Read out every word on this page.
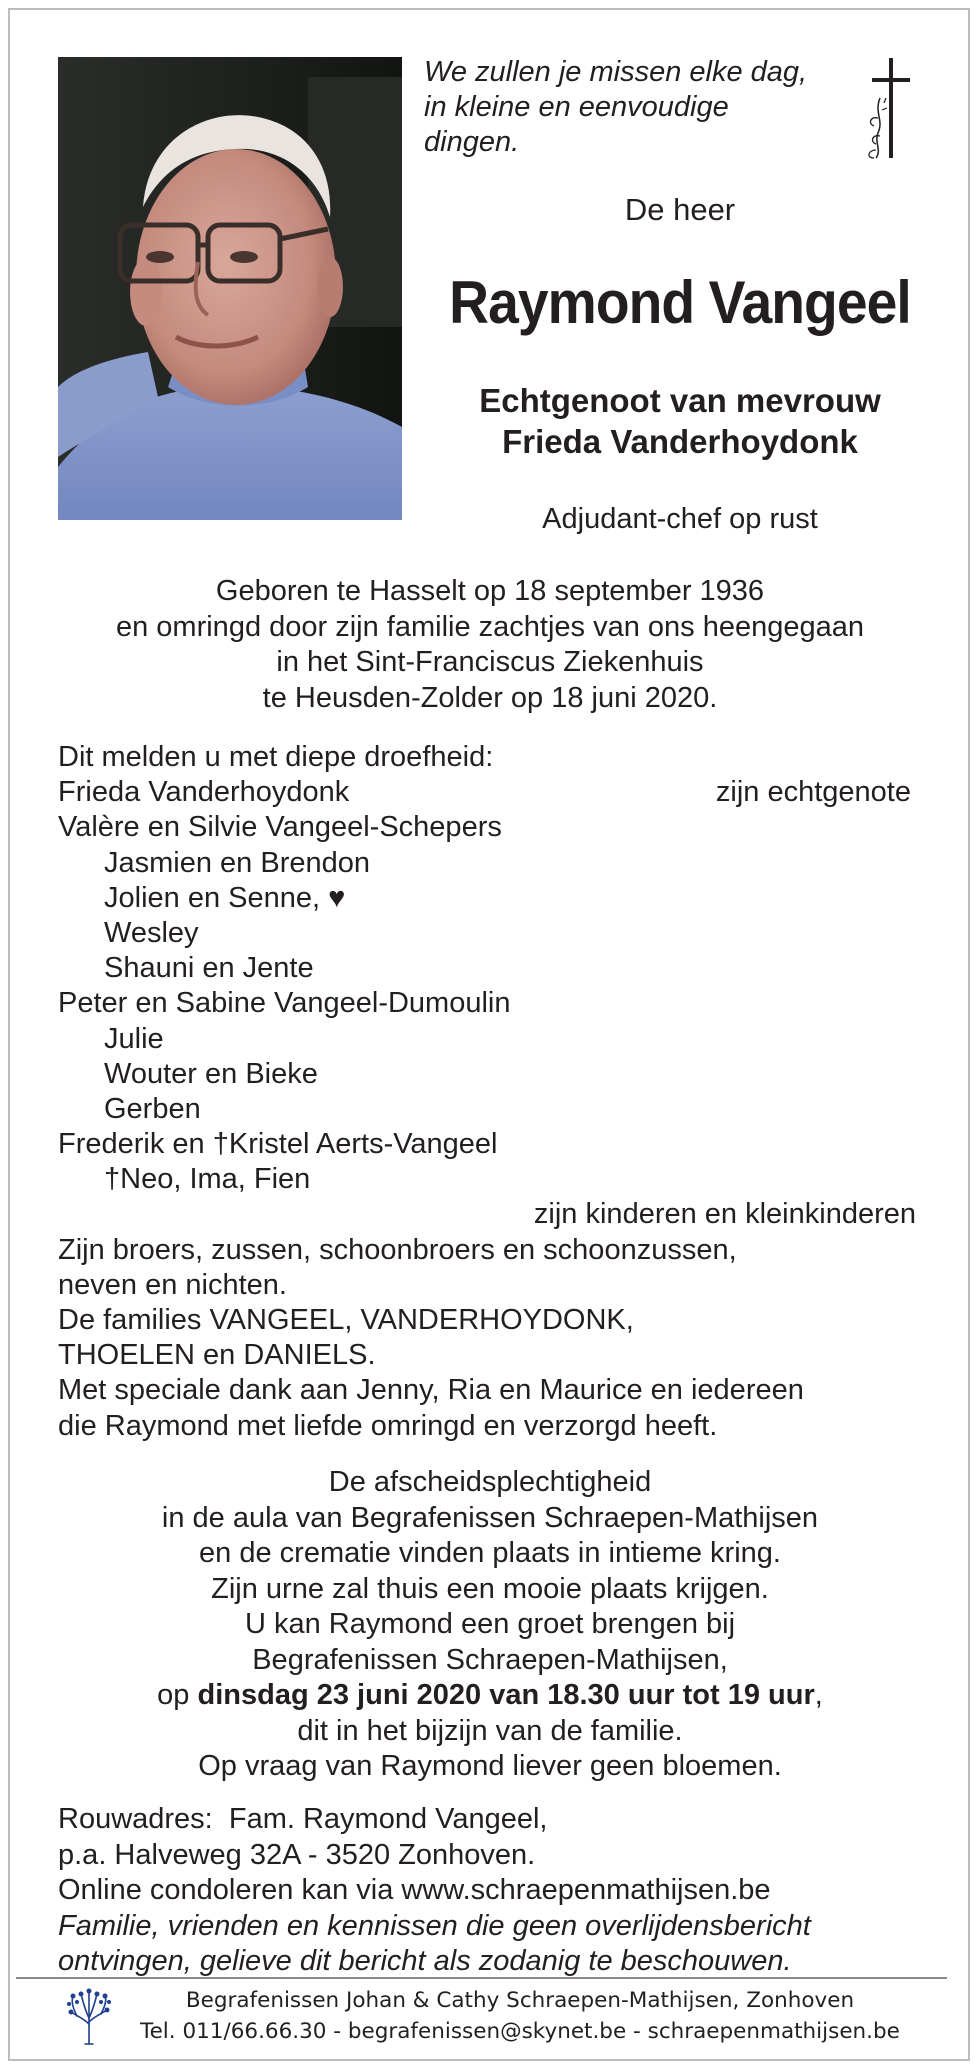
We zullen je missen elke dag,
in kleine en eenvoudige
dingen.
De heer
Raymond Vangeel
Echtgenoot van mevrouw
Frieda Vanderhoydonk
Adjudant-chef op rust
Geboren te Hasselt op 18 september 1936
en omringd door zijn familie zachtjes van ons heengegaan
in het Sint-Franciscus Ziekenhuis
te Heusden-Zolder op 18 juni 2020.
Dit melden u met diepe droefheid:
Frieda Vanderhoydonk	zijn echtgenote
Valère en Silvie Vangeel-Schepers
Jasmien en Brendon
Jolien en Senne, ♥
Wesley
Shauni en Jente
Peter en Sabine Vangeel-Dumoulin
Julie
Wouter en Bieke
Gerben
Frederik en †Kristel Aerts-Vangeel
†Neo, Ima, Fien
zijn kinderen en kleinkinderen
Zijn broers, zussen, schoonbroers en schoonzussen,
neven en nichten.
De families VANGEEL, VANDERHOYDONK,
THOELEN en DANIELS.
Met speciale dank aan Jenny, Ria en Maurice en iedereen
die Raymond met liefde omringd en verzorgd heeft.
De afscheidsplechtigheid
in de aula van Begrafenissen Schraepen-Mathijsen
en de crematie vinden plaats in intieme kring.
Zijn urne zal thuis een mooie plaats krijgen.
U kan Raymond een groet brengen bij
Begrafenissen Schraepen-Mathijsen,
op dinsdag 23 juni 2020 van 18.30 uur tot 19 uur,
dit in het bijzijn van de familie.
Op vraag van Raymond liever geen bloemen.
Rouwadres:  Fam. Raymond Vangeel,
p.a. Halveweg 32A - 3520 Zonhoven.
Online condoleren kan via www.schraepenmathijsen.be
Familie, vrienden en kennissen die geen overlijdensbericht
ontvingen, gelieve dit bericht als zodanig te beschouwen.
Begrafenissen Johan & Cathy Schraepen-Mathijsen, Zonhoven
Tel. 011/66.66.30 - begrafenissen@skynet.be - schraepenmathijsen.be
